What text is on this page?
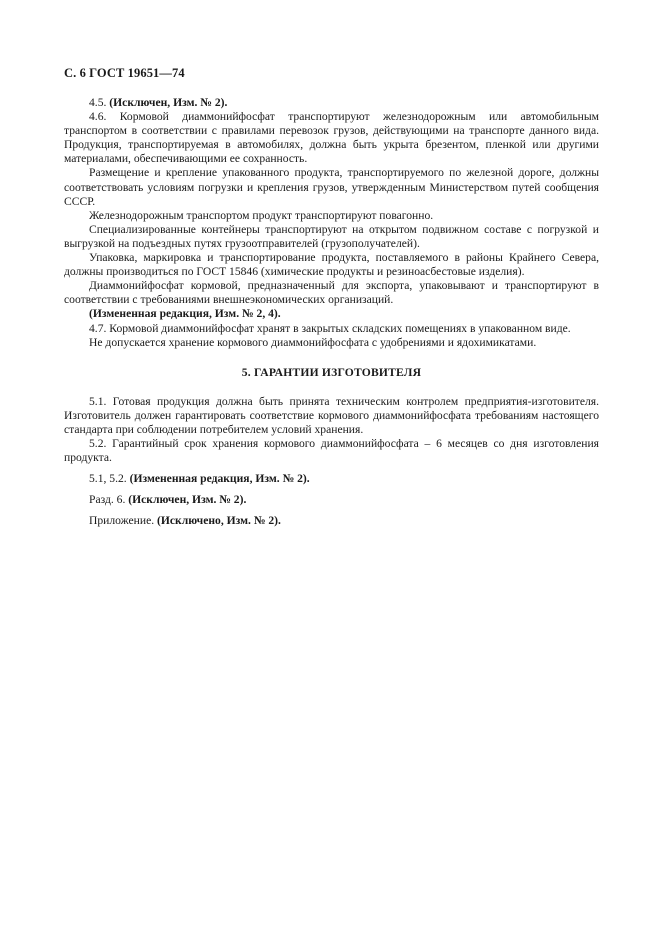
С. 6 ГОСТ 19651—74

4.5. (Исключен, Изм. № 2).

4.6. Кормовой диаммонийфосфат транспортируют железнодорожным или автомобильным транспортом в соответствии с правилами перевозок грузов, действующими на транспорте данного вида. Продукция, транспортируемая в автомобилях, должна быть укрыта брезентом, пленкой или другими материалами, обеспечивающими ее сохранность.

Размещение и крепление упакованного продукта, транспортируемого по железной дороге, должны соответствовать условиям погрузки и крепления грузов, утвержденным Министерством путей сообщения СССР.

Железнодорожным транспортом продукт транспортируют повагонно.

Специализированные контейнеры транспортируют на открытом подвижном составе с погрузкой и выгрузкой на подъездных путях грузоотправителей (грузополучателей).

Упаковка, маркировка и транспортирование продукта, поставляемого в районы Крайнего Севера, должны производиться по ГОСТ 15846 (химические продукты и резиноасбестовые изделия).

Диаммонийфосфат кормовой, предназначенный для экспорта, упаковывают и транспортируют в соответствии с требованиями внешнеэкономических организаций.

(Измененная редакция, Изм. № 2, 4).

4.7. Кормовой диаммонийфосфат хранят в закрытых складских помещениях в упакованном виде.

Не допускается хранение кормового диаммонийфосфата с удобрениями и ядохимикатами.

5. ГАРАНТИИ ИЗГОТОВИТЕЛЯ

5.1. Готовая продукция должна быть принята техническим контролем предприятия-изготовителя. Изготовитель должен гарантировать соответствие кормового диаммонийфосфата требованиям настоящего стандарта при соблюдении потребителем условий хранения.

5.2. Гарантийный срок хранения кормового диаммонийфосфата – 6 месяцев со дня изготовления продукта.

5.1, 5.2. (Измененная редакция, Изм. № 2).

Разд. 6. (Исключен, Изм. № 2).

Приложение. (Исключено, Изм. № 2).
